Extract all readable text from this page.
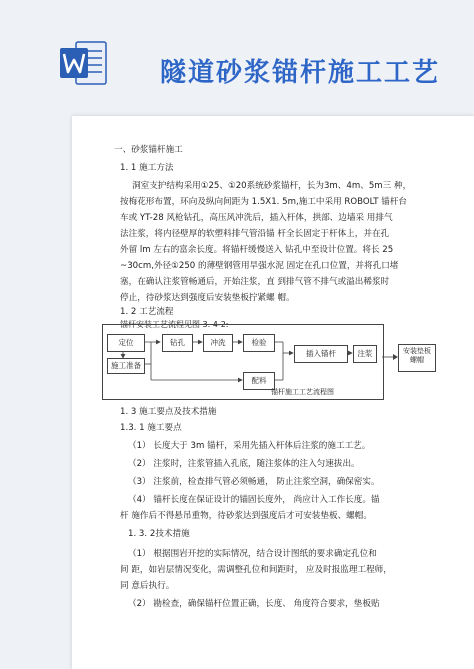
隧道砂浆锚杆施工工艺
一、砂浆锚杆施工
1. 1 施工方法
洞室支护结构采用①25、①20系统砂浆锚杆，长为3m、4m、5m三 种，
按梅花形布置，环向及纵向间距为 1.5X1. 5m,施工中采用 ROBOLT 锚杆台
车或 YT-28 风枪钻孔，高压风冲洗后，插入杆体，拱部、边墙采 用排气
法注浆，将内径壁厚的软塑料排气管沿锚 杆全长固定于杆体上，并在孔
外留 lm 左右的富余长度。将锚杆缓慢送入 钻孔中至设计位置。将长 25
~30cm,外径①250 的薄壁钢管用旱强水泥 固定在孔口位置，并将孔口堵
塞，在确认注浆管畅通后，开始注浆，直 到排气管不排气或溢出稀浆时
停止，待砂浆达到强度后安装垫板拧紧螺 帽。
1. 2 工艺流程
锚杆安装工艺流程见图 3. 4-2:
定位	钻孔	冲洗	检验
插入锚杆	注浆
施工准备
配料
锚杆施工工艺流程图
安装垫板螺帽
1. 3 施工要点及技术措施
1.3. 1 施工要点
（1） 长度大于 3m 锚杆，采用先插入杆体后注浆的施工工艺。
（2） 注浆时，注浆管插入孔底，随注浆体的注入匀速拔出。
（3） 注浆前，检查排气管必须畅通， 防止注浆空洞，确保密实。
（4） 锚杆长度在保证设计的锚固长度外， 尚应计入工作长度。锚
杆 施作后不得悬吊重物，待砂浆达到强度后才可安装垫板、螺帽。
1. 3. 2技术措施
（1） 根据围岩开挖的实际情况，结合设计图纸的要求确定孔位和
间 距，如岩层情况变化，需调整孔位和间距时， 应及时报监理工程师，
同 意后执行。
（2） 勘检查，确保锚杆位置正确，长度、 角度符合要求，垫板贴
